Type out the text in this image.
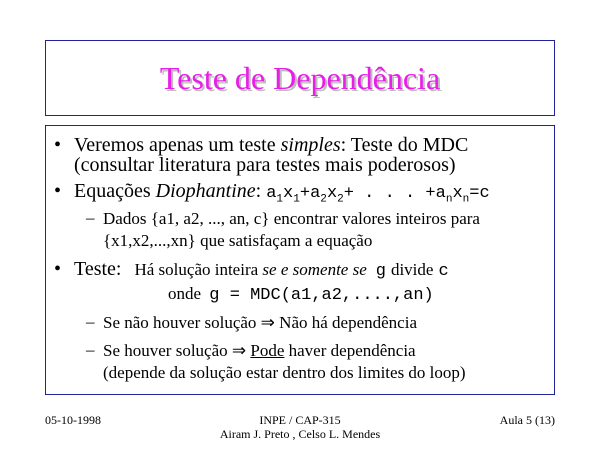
Teste de Dependência
• Veremos apenas um teste simples: Teste do MDC
(consultar literatura para testes mais poderosos)
• Equações Diophantine: $a_1x_1+a_2x_2+$ . . . $+a_nx_n=c$
– Dados {a1, a2, ..., an, c} encontrar valores inteiros para
{x1,x2,...,xn} que satisfaçam a equação
• Teste: Há solução inteira se e somente se g divide c
onde g = MDC(a1,a2,....,an)
– Se não houver solução ⇒ Não há dependência
– Se houver solução ⇒ Pode haver dependência
(depende da solução estar dentro dos limites do loop)
05-10-1998	INPE / CAP-315
Airam J. Preto , Celso L. Mendes
Aula 5 (13)
